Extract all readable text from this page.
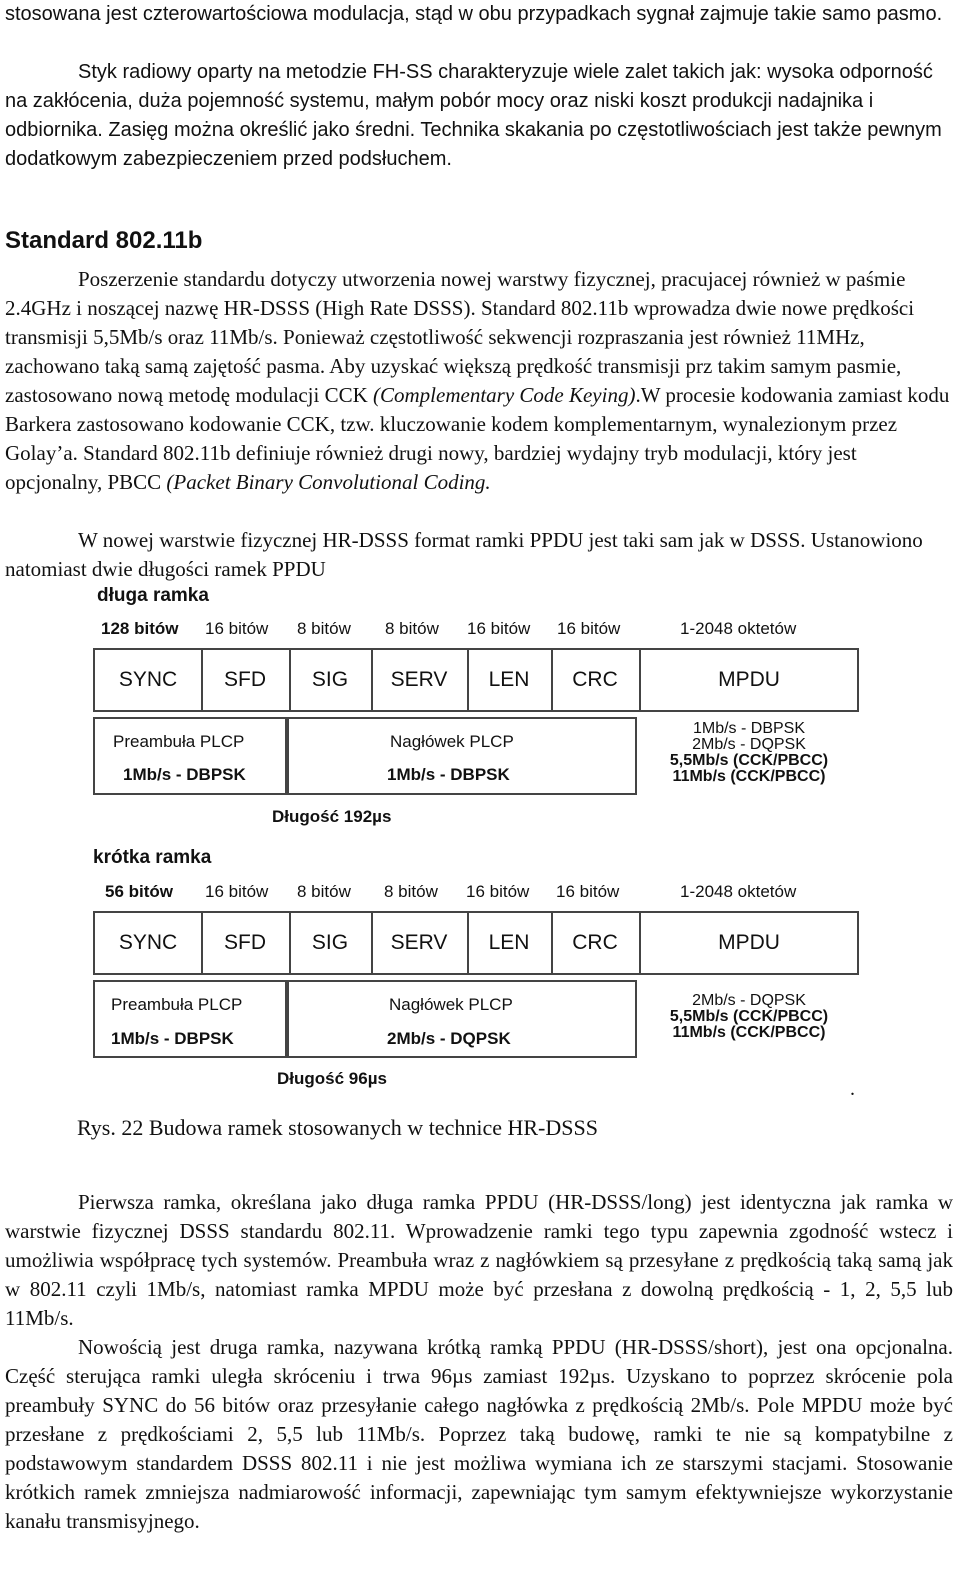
stosowana jest czterowartościowa modulacja, stąd w obu przypadkach sygnał zajmuje takie samo pasmo.

Styk radiowy oparty na metodzie FH-SS charakteryzuje wiele zalet takich jak: wysoka odporność na zakłócenia, duża pojemność systemu, małym pobór mocy oraz niski koszt produkcji nadajnika i odbiornika. Zasięg można określić jako średni. Technika skakania po częstotliwościach jest także pewnym dodatkowym zabezpieczeniem przed podsłuchem.

Standard 802.11b

Poszerzenie standardu dotyczy utworzenia nowej warstwy fizycznej, pracujacej również w paśmie 2.4GHz i noszącej nazwę HR-DSSS (High Rate DSSS). Standard 802.11b wprowadza dwie nowe prędkości transmisji 5,5Mb/s oraz 11Mb/s. Ponieważ częstotliwość sekwencji rozpraszania jest również 11MHz, zachowano taką samą zajętość pasma. Aby uzyskać większą prędkość transmisji prz takim samym pasmie, zastosowano nową metodę modulacji CCK (Complementary Code Keying).W procesie kodowania zamiast kodu Barkera zastosowano kodowanie CCK, tzw. kluczowanie kodem komplementarnym, wynalezionym przez Golay’a. Standard 802.11b definiuje również drugi nowy, bardziej wydajny tryb modulacji, który jest opcjonalny, PBCC (Packet Binary Convolutional Coding.

W nowej warstwie fizycznej HR-DSSS format ramki PPDU jest taki sam jak w DSSS. Ustanowiono natomiast dwie długości ramek PPDU

długa ramka
128 bitów 16 bitów 8 bitów 8 bitów 16 bitów 16 bitów	1-2048 oktetów
SYNC	SFD	SIG	SERV	LEN	CRC	MPDU
Preambuła PLCP
1Mb/s - DBPSK
Nagłówek PLCP
1Mb/s - DBPSK
1Mb/s - DBPSK
2Mb/s - DQPSK
5,5Mb/s (CCK/PBCC)
11Mb/s (CCK/PBCC)
Długość 192µs
krótka ramka
56 bitów 16 bitów 8 bitów 8 bitów 16 bitów 16 bitów	1-2048 oktetów
SYNC	SFD	SIG	SERV	LEN	CRC	MPDU
Preambuła PLCP
1Mb/s - DBPSK
Nagłówek PLCP
2Mb/s - DQPSK
2Mb/s - DQPSK
5,5Mb/s (CCK/PBCC)
11Mb/s (CCK/PBCC)
Długość 96µs	.
Rys. 22 Budowa ramek stosowanych w technice HR-DSSS

Pierwsza ramka, określana jako długa ramka PPDU (HR-DSSS/long) jest identyczna jak ramka w warstwie fizycznej DSSS standardu 802.11. Wprowadzenie ramki tego typu zapewnia zgodność wstecz i umożliwia współpracę tych systemów. Preambuła wraz z nagłówkiem są przesyłane z prędkością taką samą jak w 802.11 czyli 1Mb/s, natomiast ramka MPDU może być przesłana z dowolną prędkością - 1, 2, 5,5 lub 11Mb/s.

Nowością jest druga ramka, nazywana krótką ramką PPDU (HR-DSSS/short), jest ona opcjonalna. Część sterująca ramki uległa skróceniu i trwa 96µs zamiast 192µs. Uzyskano to poprzez skrócenie pola preambuły SYNC do 56 bitów oraz przesyłanie całego nagłówka z prędkością 2Mb/s. Pole MPDU może być przesłane z prędkościami 2, 5,5 lub 11Mb/s. Poprzez taką budowę, ramki te nie są kompatybilne z podstawowym standardem DSSS 802.11 i nie jest możliwa wymiana ich ze starszymi stacjami. Stosowanie krótkich ramek zmniejsza nadmiarowość informacji, zapewniając tym samym efektywniejsze wykorzystanie kanału transmisyjnego.
